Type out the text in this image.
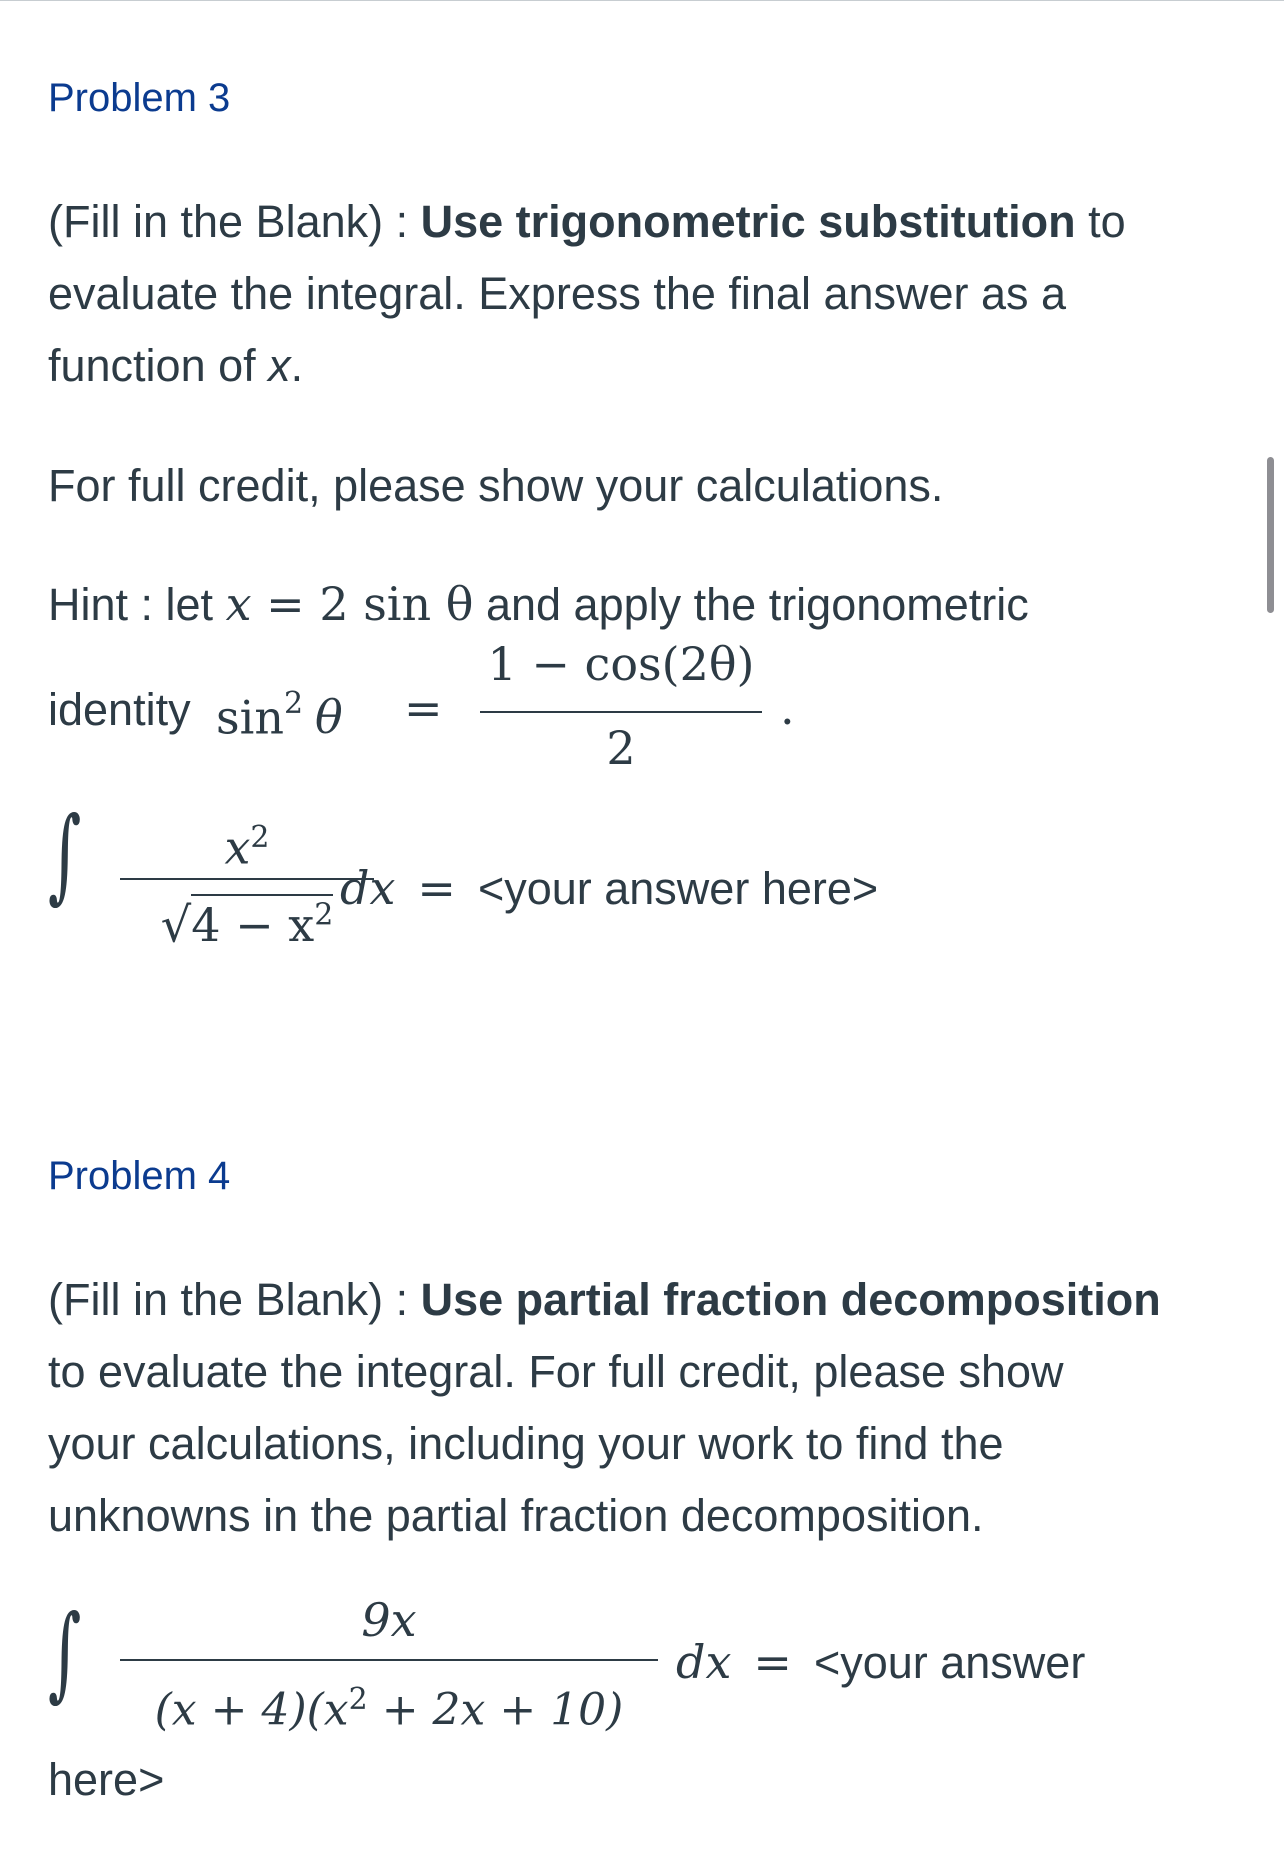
Problem 3
(Fill in the Blank) : Use trigonometric substitution to
evaluate the integral. Express the final answer as a
function of x.
For full credit, please show your calculations.
Hint : let x = 2 sin θ and apply the trigonometric
identity $\sin^2 \theta$ =
1 − cos(2θ)
2
.
∫	$x^2$
$√4 - x^2$
dx = <your answer here>
Problem 4
(Fill in the Blank) : Use partial fraction decomposition
to evaluate the integral. For full credit, please show
your calculations, including your work to find the
unknowns in the partial fraction decomposition.
∫	9x
$(x + 4)(x^2 + 2x + 10)$
dx = <your answer
here>
